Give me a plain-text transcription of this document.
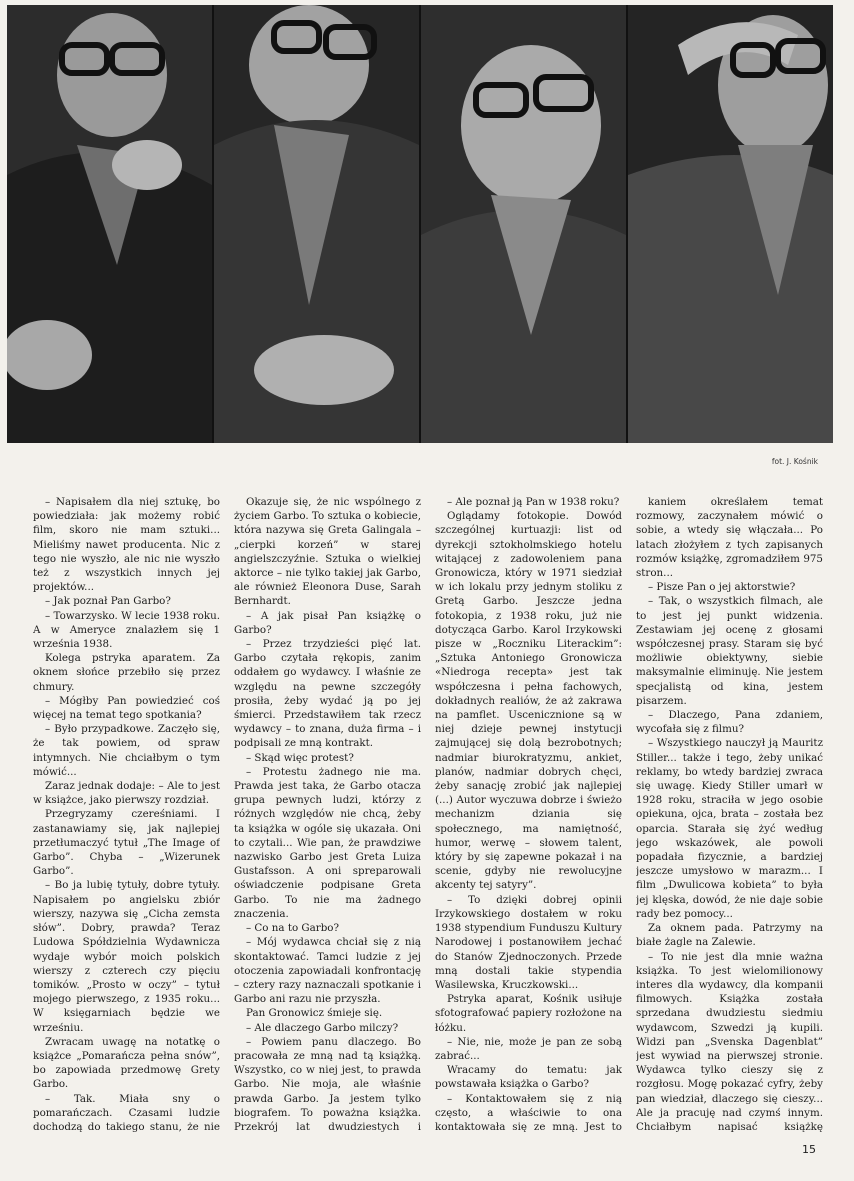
fot. J. Kośnik

– Napisałem dla niej sztukę, bo powiedziała: jak możemy robić film, skoro nie mam sztuki... Mieliśmy nawet producenta. Nic z tego nie wyszło, ale nic nie wyszło też z wszystkich innych jej projektów...

– Jak poznał Pan Garbo?

– Towarzysko. W lecie 1938 roku. A w Ameryce znalazłem się 1 września 1938.

Kolega pstryka aparatem. Za oknem słońce przebiło się przez chmury.

– Mógłby Pan powiedzieć coś więcej na temat tego spotkania?

– Było przypadkowe. Zaczęło się, że tak powiem, od spraw intymnych. Nie chciałbym o tym mówić...

Zaraz jednak dodaje: – Ale to jest w książce, jako pierwszy rozdział.

Przegryzamy czereśniami. I zastanawiamy się, jak najlepiej przetłumaczyć tytuł „The Image of Garbo”. Chyba – „Wizerunek Garbo”.

– Bo ja lubię tytuły, dobre tytuły. Napisałem po angielsku zbiór wierszy, nazywa się „Cicha zemsta słów”. Dobry, prawda? Teraz Ludowa Spółdzielnia Wydawnicza wydaje wybór moich polskich wierszy z czterech czy pięciu tomików. „Prosto w oczy” – tytuł mojego pierwszego, z 1935 roku... W księgarniach będzie we wrześniu.

Zwracam uwagę na notatkę o książce „Pomarańcza pełna snów”, bo zapowiada przedmowę Grety Garbo.

– Tak. Miała sny o pomarańczach. Czasami ludzie dochodzą do takiego stanu, że nie

Okazuje się, że nic wspólnego z życiem Garbo. To sztuka o kobiecie, która nazywa się Greta Galingala – „cierpki korzeń” w starej angielszczyźnie. Sztuka o wielkiej aktorce – nie tylko takiej jak Garbo, ale również Eleonora Duse, Sarah Bernhardt.

– A jak pisał Pan książkę o Garbo?

– Przez trzydzieści pięć lat. Garbo czytała rękopis, zanim oddałem go wydawcy. I właśnie ze względu na pewne szczegóły prosiła, żeby wydać ją po jej śmierci. Przedstawiłem tak rzecz wydawcy – to znana, duża firma – i podpisali ze mną kontrakt.

– Skąd więc protest?

– Protestu żadnego nie ma. Prawda jest taka, że Garbo otacza grupa pewnych ludzi, którzy z różnych względów nie chcą, żeby ta książka w ogóle się ukazała. Oni to czytali... Wie pan, że prawdziwe nazwisko Garbo jest Greta Luiza Gustafsson. A oni spreparowali oświadczenie podpisane Greta Garbo. To nie ma żadnego znaczenia.

– Co na to Garbo?

– Mój wydawca chciał się z nią skontaktować. Tamci ludzie z jej otoczenia zapowiadali konfrontację – cztery razy naznaczali spotkanie i Garbo ani razu nie przyszła.

Pan Gronowicz śmieje się.

– Ale dlaczego Garbo milczy?

– Powiem panu dlaczego. Bo pracowała ze mną nad tą książką. Wszystko, co w niej jest, to prawda Garbo. Nie moja, ale właśnie prawda Garbo. Ja jestem tylko biografem. To poważna książka. Przekrój lat dwudziestych i

– Ale poznał ją Pan w 1938 roku?

Oglądamy fotokopie. Dowód szczególnej kurtuazji: list od dyrekcji sztokholmskiego hotelu witającej z zadowoleniem pana Gronowicza, który w 1971 siedział w ich lokalu przy jednym stoliku z Gretą Garbo. Jeszcze jedna fotokopia, z 1938 roku, już nie dotycząca Garbo. Karol Irzykowski pisze w „Roczniku Literackim”: „Sztuka Antoniego Gronowicza «Niedroga recepta» jest tak współczesna i pełna fachowych, dokładnych realiów, że aż zakrawa na pamflet. Uscenicznione są w niej dzieje pewnej instytucji zajmującej się dolą bezrobotnych; nadmiar biurokratyzmu, ankiet, planów, nadmiar dobrych chęci, żeby sanację zrobić jak najlepiej (...) Autor wyczuwa dobrze i świeżo mechanizm dziania się społecznego, ma namiętność, humor, werwę – słowem talent, który by się zapewne pokazał i na scenie, gdyby nie rewolucyjne akcenty tej satyry”.

– To dzięki dobrej opinii Irzykowskiego dostałem w roku 1938 stypendium Funduszu Kultury Narodowej i postanowiłem jechać do Stanów Zjednoczonych. Przede mną dostali takie stypendia Wasilewska, Kruczkowski...

Pstryka aparat, Kośnik usiłuje sfotografować papiery rozłożone na łóżku.

– Nie, nie, może je pan ze sobą zabrać...

Wracamy do tematu: jak powstawała książka o Garbo?

– Kontaktowałem się z nią często, a właściwie to ona kontaktowała się ze mną. Jest to

kaniem określałem temat rozmowy, zaczynałem mówić o sobie, a wtedy się włączała... Po latach złożyłem z tych zapisanych rozmów książkę, zgromadziłem 975 stron...

– Pisze Pan o jej aktorstwie?

– Tak, o wszystkich filmach, ale to jest jej punkt widzenia. Zestawiam jej ocenę z głosami współczesnej prasy. Staram się być możliwie obiektywny, siebie maksymalnie eliminuję. Nie jestem specjalistą od kina, jestem pisarzem.

– Dlaczego, Pana zdaniem, wycofała się z filmu?

– Wszystkiego nauczył ją Mauritz Stiller... także i tego, żeby unikać reklamy, bo wtedy bardziej zwraca się uwagę. Kiedy Stiller umarł w 1928 roku, straciła w jego osobie opiekuna, ojca, brata – została bez oparcia. Starała się żyć według jego wskazówek, ale powoli popadała fizycznie, a bardziej jeszcze umysłowo w marazm... I film „Dwulicowa kobieta” to była jej klęska, dowód, że nie daje sobie rady bez pomocy...

Za oknem pada. Patrzymy na białe żagle na Zalewie.

– To nie jest dla mnie ważna książka. To jest wielomilionowy interes dla wydawcy, dla kompanii filmowych. Książka została sprzedana dwudziestu siedmiu wydawcom, Szwedzi ją kupili. Widzi pan „Svenska Dagenblat” jest wywiad na pierwszej stronie. Wydawca tylko cieszy się z rozgłosu. Mogę pokazać cyfry, żeby pan wiedział, dlaczego się cieszy... Ale ja pracuję nad czymś innym. Chciałbym napisać książkę

15
